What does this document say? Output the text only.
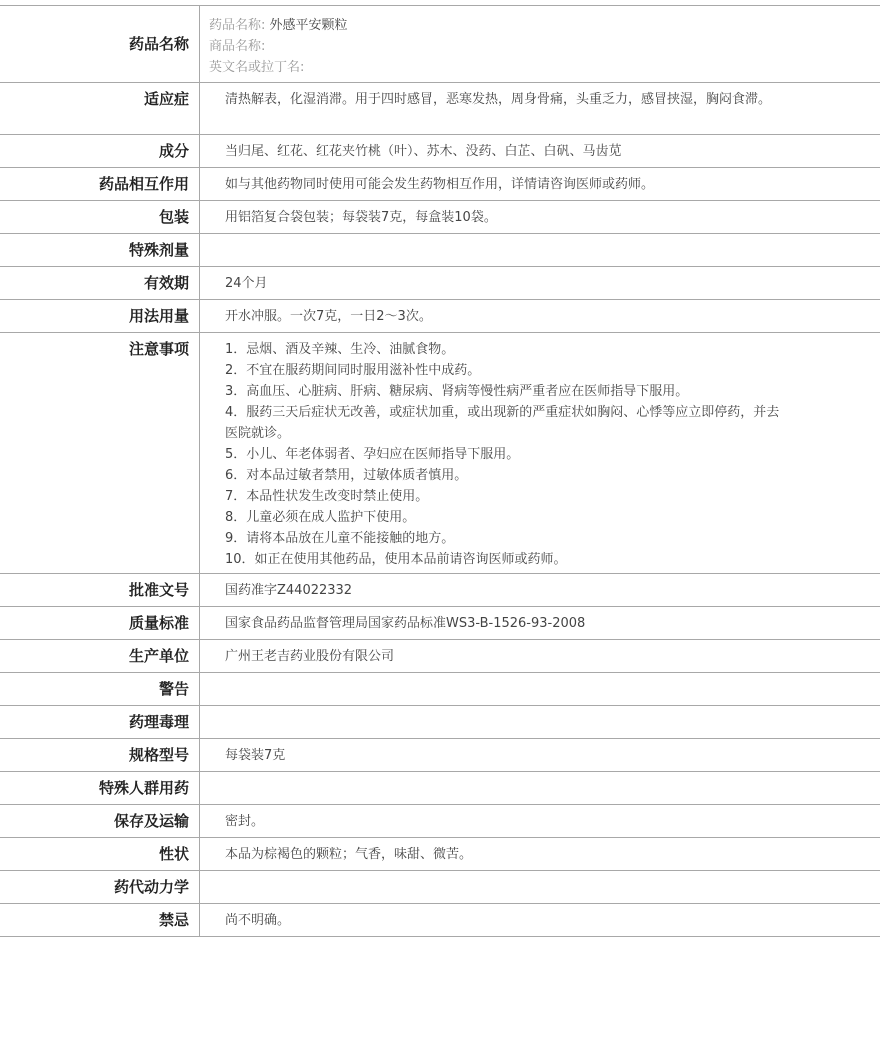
药品名称
药品名称: 外感平安颗粒
商品名称:
英文名或拉丁名:
适应症	清热解表，化湿消滞。用于四时感冒，恶寒发热，周身骨痛，头重乏力，感冒挟湿，胸闷食滞。
成分	当归尾、红花、红花夹竹桃（叶）、苏木、没药、白芷、白矾、马齿苋
药品相互作用	如与其他药物同时使用可能会发生药物相互作用，详情请咨询医师或药师。
包装	用铝箔复合袋包装；每袋装7克，每盒装10袋。
特殊剂量
有效期	24个月
用法用量	开水冲服。一次7克，一日2～3次。
注意事项	1．忌烟、酒及辛辣、生冷、油腻食物。
2．不宜在服药期间同时服用滋补性中成药。
3．高血压、心脏病、肝病、糖尿病、肾病等慢性病严重者应在医师指导下服用。
4．服药三天后症状无改善，或症状加重，或出现新的严重症状如胸闷、心悸等应立即停药，并去医院就诊。
5．小儿、年老体弱者、孕妇应在医师指导下服用。
6．对本品过敏者禁用，过敏体质者慎用。
7．本品性状发生改变时禁止使用。
8．儿童必须在成人监护下使用。
9．请将本品放在儿童不能接触的地方。
10．如正在使用其他药品，使用本品前请咨询医师或药师。
批准文号	国药准字Z44022332
质量标准	国家食品药品监督管理局国家药品标准WS3-B-1526-93-2008
生产单位	广州王老吉药业股份有限公司
警告
药理毒理
规格型号	每袋装7克
特殊人群用药
保存及运输	密封。
性状	本品为棕褐色的颗粒；气香，味甜、微苦。
药代动力学
禁忌	尚不明确。
